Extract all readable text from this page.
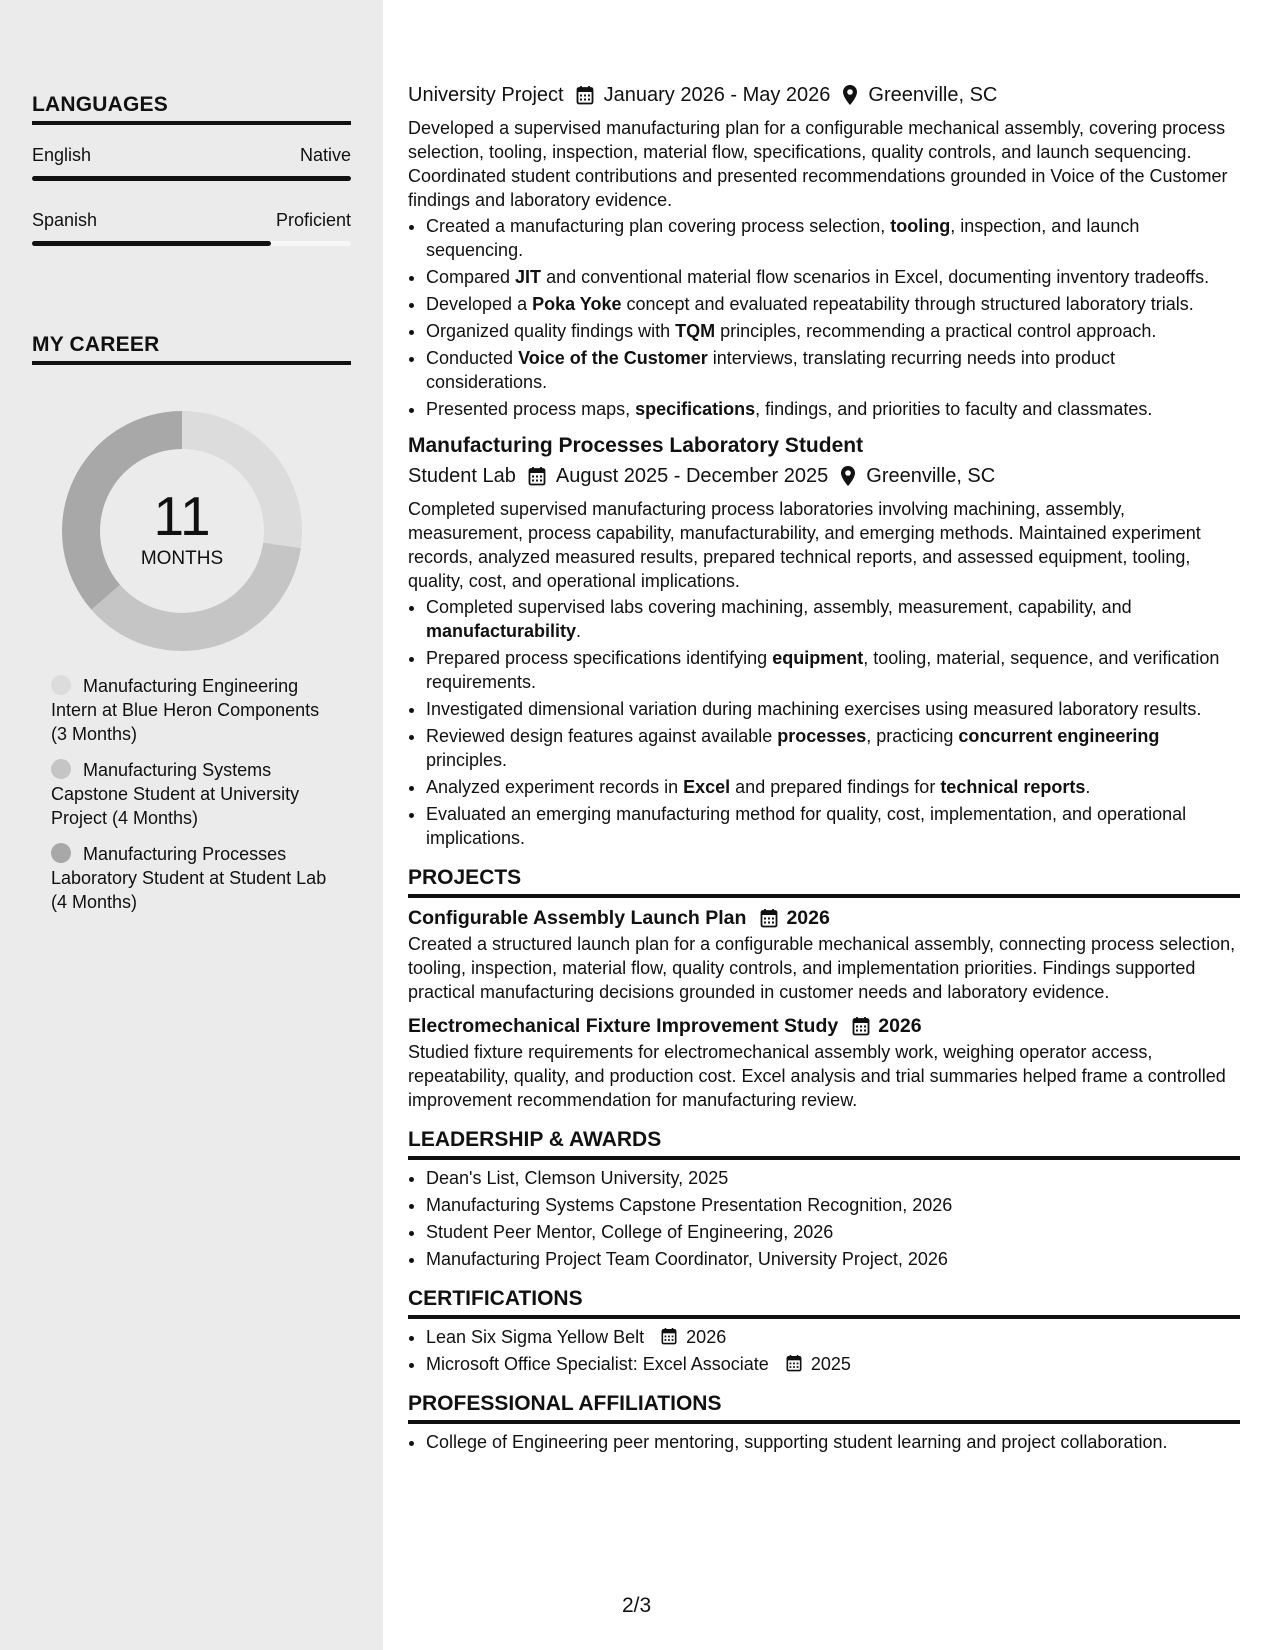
LANGUAGES
English	Native
Spanish	Proficient
MY CAREER
11
MONTHS
Manufacturing Engineering Intern at Blue Heron Components (3 Months)
Manufacturing Systems Capstone Student at University Project (4 Months)
Manufacturing Processes Laboratory Student at Student Lab (4 Months)
University Project January 2026 - May 2026 Greenville, SC
Developed a supervised manufacturing plan for a configurable mechanical assembly, covering process selection, tooling, inspection, material flow, specifications, quality controls, and launch sequencing. Coordinated student contributions and presented recommendations grounded in Voice of the Customer findings and laboratory evidence.
• Created a manufacturing plan covering process selection, tooling, inspection, and launch sequencing.
• Compared JIT and conventional material flow scenarios in Excel, documenting inventory tradeoffs.
• Developed a Poka Yoke concept and evaluated repeatability through structured laboratory trials.
• Organized quality findings with TQM principles, recommending a practical control approach.
• Conducted Voice of the Customer interviews, translating recurring needs into product considerations.
• Presented process maps, specifications, findings, and priorities to faculty and classmates.
Manufacturing Processes Laboratory Student
Student Lab August 2025 - December 2025 Greenville, SC
Completed supervised manufacturing process laboratories involving machining, assembly, measurement, process capability, manufacturability, and emerging methods. Maintained experiment records, analyzed measured results, prepared technical reports, and assessed equipment, tooling, quality, cost, and operational implications.
• Completed supervised labs covering machining, assembly, measurement, capability, and manufacturability.
• Prepared process specifications identifying equipment, tooling, material, sequence, and verification requirements.
• Investigated dimensional variation during machining exercises using measured laboratory results.
• Reviewed design features against available processes, practicing concurrent engineering principles.
• Analyzed experiment records in Excel and prepared findings for technical reports.
• Evaluated an emerging manufacturing method for quality, cost, implementation, and operational implications.
PROJECTS
Configurable Assembly Launch Plan 2026
Created a structured launch plan for a configurable mechanical assembly, connecting process selection, tooling, inspection, material flow, quality controls, and implementation priorities. Findings supported practical manufacturing decisions grounded in customer needs and laboratory evidence.
Electromechanical Fixture Improvement Study 2026
Studied fixture requirements for electromechanical assembly work, weighing operator access, repeatability, quality, and production cost. Excel analysis and trial summaries helped frame a controlled improvement recommendation for manufacturing review.
LEADERSHIP & AWARDS
• Dean's List, Clemson University, 2025
• Manufacturing Systems Capstone Presentation Recognition, 2026
• Student Peer Mentor, College of Engineering, 2026
• Manufacturing Project Team Coordinator, University Project, 2026
CERTIFICATIONS
• Lean Six Sigma Yellow Belt 2026
• Microsoft Office Specialist: Excel Associate 2025
PROFESSIONAL AFFILIATIONS
• College of Engineering peer mentoring, supporting student learning and project collaboration.
2/3
